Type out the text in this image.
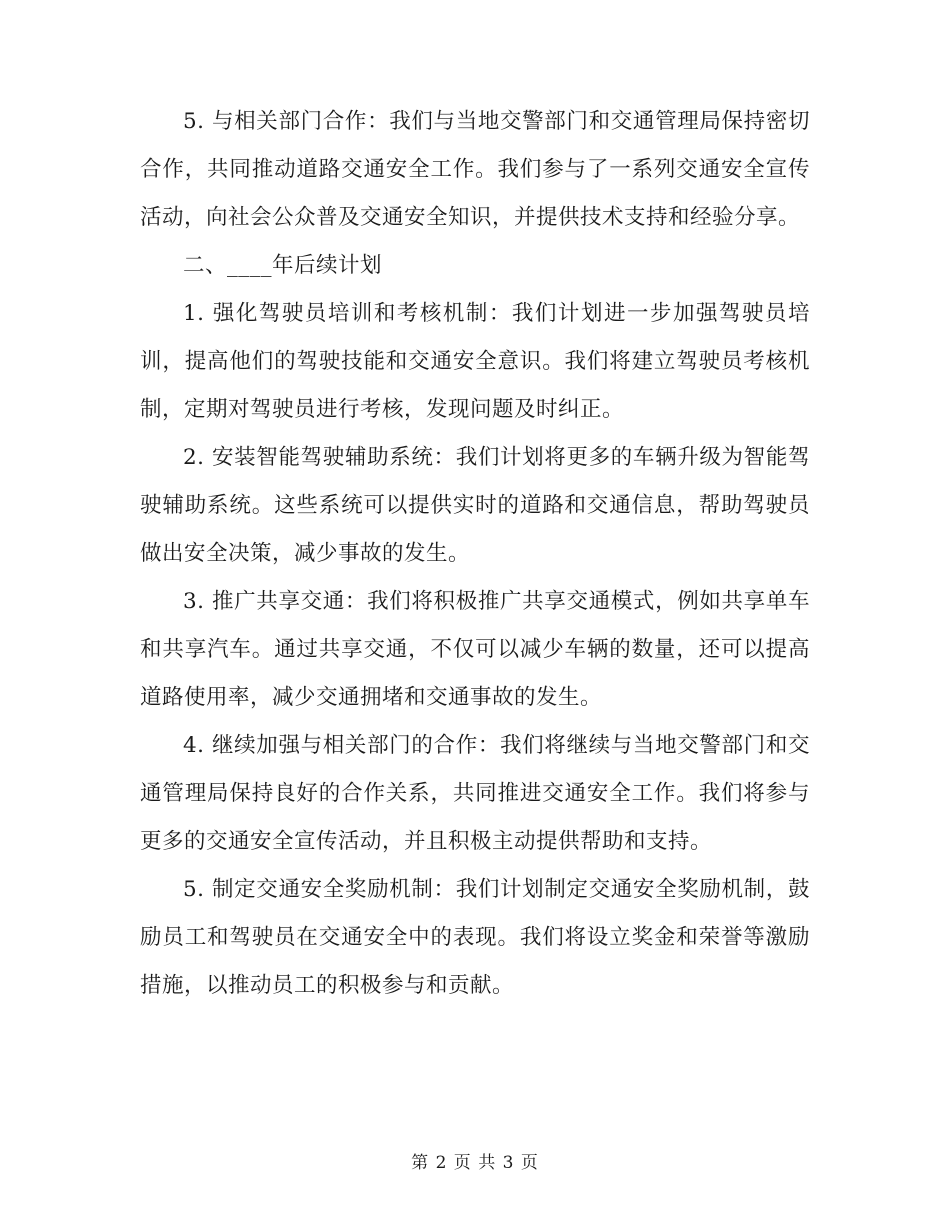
5. 与相关部门合作：我们与当地交警部门和交通管理局保持密切合作，共同推动道路交通安全工作。我们参与了一系列交通安全宣传活动，向社会公众普及交通安全知识，并提供技术支持和经验分享。

二、____年后续计划

1. 强化驾驶员培训和考核机制：我们计划进一步加强驾驶员培训，提高他们的驾驶技能和交通安全意识。我们将建立驾驶员考核机制，定期对驾驶员进行考核，发现问题及时纠正。

2. 安装智能驾驶辅助系统：我们计划将更多的车辆升级为智能驾驶辅助系统。这些系统可以提供实时的道路和交通信息，帮助驾驶员做出安全决策，减少事故的发生。

3. 推广共享交通：我们将积极推广共享交通模式，例如共享单车和共享汽车。通过共享交通，不仅可以减少车辆的数量，还可以提高道路使用率，减少交通拥堵和交通事故的发生。

4. 继续加强与相关部门的合作：我们将继续与当地交警部门和交通管理局保持良好的合作关系，共同推进交通安全工作。我们将参与更多的交通安全宣传活动，并且积极主动提供帮助和支持。

5. 制定交通安全奖励机制：我们计划制定交通安全奖励机制，鼓励员工和驾驶员在交通安全中的表现。我们将设立奖金和荣誉等激励措施，以推动员工的积极参与和贡献。

第 2 页 共 3 页
